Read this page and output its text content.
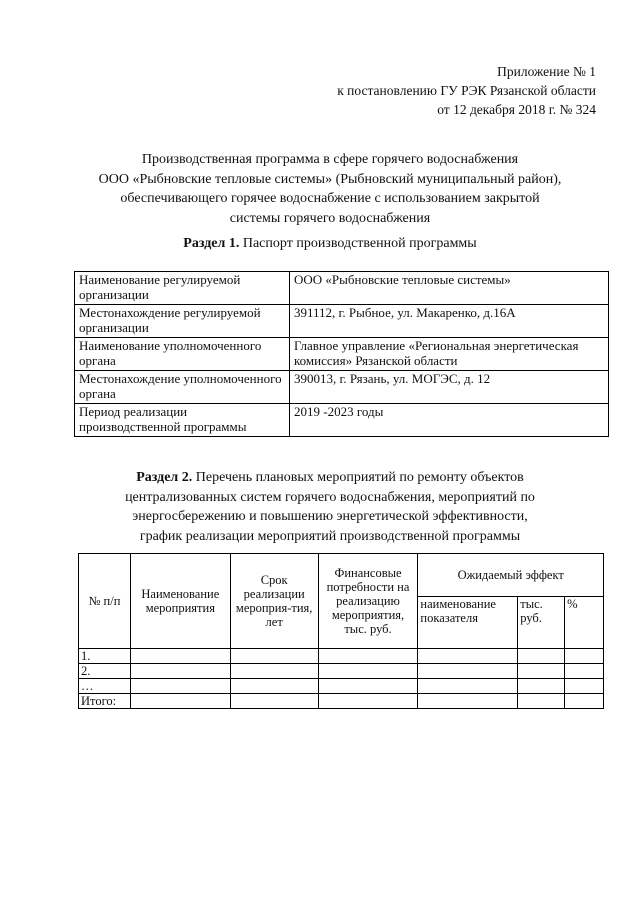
Приложение № 1
к постановлению ГУ РЭК Рязанской области
от 12 декабря 2018 г. № 324
Производственная программа в сфере горячего водоснабжения
ООО «Рыбновские тепловые системы» (Рыбновский муниципальный район),
обеспечивающего горячее водоснабжение с использованием закрытой
системы горячего водоснабжения
Раздел 1. Паспорт производственной программы
Наименование регулируемой организации	ООО «Рыбновские тепловые системы»
Местонахождение регулируемой организации	391112, г. Рыбное, ул. Макаренко, д.16А
Наименование уполномоченного органа	Главное управление «Региональная энергетическая комиссия» Рязанской области
Местонахождение уполномоченного органа	390013, г. Рязань, ул. МОГЭС, д. 12
Период реализации производственной программы	2019 -2023 годы
Раздел 2. Перечень плановых мероприятий по ремонту объектов
централизованных систем горячего водоснабжения, мероприятий по
энергосбережению и повышению энергетической эффективности,
график реализации мероприятий производственной программы
№ п/п	Наименование мероприятия	Срок реализации мероприя-тия, лет	Финансовые потребности на реализацию мероприятия, тыс. руб.	Ожидаемый эффект		
				наименование показателя	тыс. руб.	%
1.						
2.						
…						
Итого:						
